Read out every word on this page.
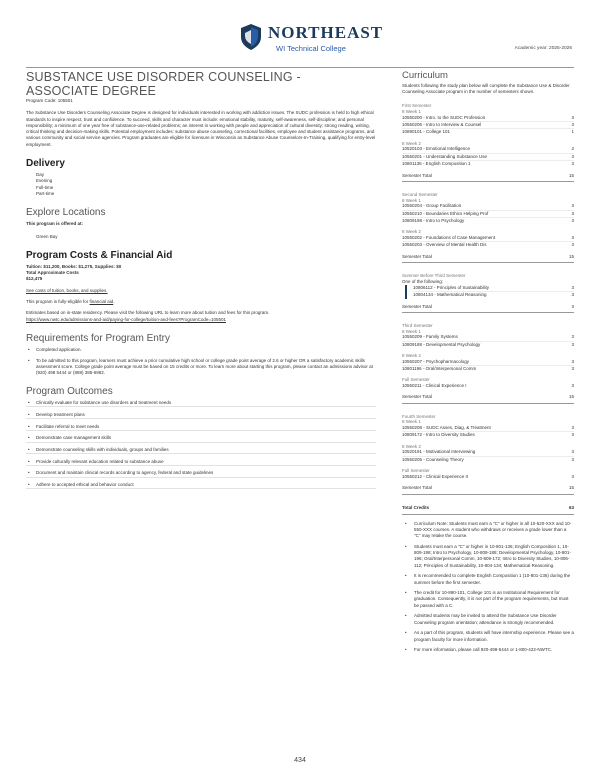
NORTHEAST
WI Technical College	Academic year: 2025-2026
SUBSTANCE USE DISORDER COUNSELING - ASSOCIATE DEGREE
Program Code: 105501
The Substance Use Disorders Counseling Associate Degree is designed for individuals interested in working with addiction issues. The SUDC profession is held to high ethical standards to inspire respect, trust and confidence. To succeed, skills and character must include: emotional stability, maturity, self-awareness, self-discipline; and personal responsibility; a minimum of one year free of substance-use-related problems; an interest in working with people and appreciation of cultural diversity; strong reading, writing, critical thinking and decision-making skills. Potential employment includes: substance abuse counseling, correctional facilities, employee and student assistance programs, and various community and social service agencies. Program graduates are eligible for licensure in Wisconsin as Substance Abuse Counselors-In-Training, qualifying for entry-level employment.
Delivery
Day
Evening
Full-time
Part-time
Explore Locations
This program is offered at:
Green Bay
Program Costs & Financial Aid
Tuition: $11,200, Books: $1,275, Supplies: $0
Total Approximate Costs
$12,475
See costs of tuition, books, and supplies.
This program is fully-eligible for financial aid.
Estimates based on in-state residency. Please visit the following URL to learn more about tuition and fees for this program.
https://www.nwtc.edu/admissions-and-aid/paying-for-college/tuition-and-fees?ProgramCode=105501
Requirements for Program Entry
• Completed application.
• To be admitted to this program, learners must achieve a prior cumulative high school or college grade point average of 2.6 or higher OR a satisfactory academic skills assessment score. College grade point average must be based on 15 credits or more. To learn more about starting this program, please contact an admissions advisor at (920) 498 5444 or (888) 385-6982.
Program Outcomes
• Clinically evaluate for substance use disorders and treatment needs
• Develop treatment plans
• Facilitate referral to meet needs
• Demonstrate case management skills
• Demonstrate counseling skills with individuals, groups and families
• Provide culturally relevant education related to substance abuse
• Document and maintain clinical records according to agency, federal and state guidelines
• Adhere to accepted ethical and behavior conduct
Curriculum
Students following the study plan below will complete the Substance Use & Disorder Counseling Associate program in the number of semesters shown.
First Semester
8 Week 1
10550200 - Intro. to the SUDC Profession	3
10550206 - Intro to Interview & Counsel	3
10890101 - College 101	1
8 Week 2
10520103 - Emotional Intelligence	2
10550201 - Understanding Substance Use	3
10801136 - English Composition 1	3
Semester Total	15
Second Semester
8 Week 1
10550204 - Group Facilitation	3
10550210 - Boundaries Ethics Helping Prof	3
10809198 - Intro to Psychology	3
8 Week 2
10550202 - Foundations of Case Management	3
10550203 - Overview of Mental Health Dis	3
Semester Total	15
Summer Before Third Semester
One of the following:
10806112 - Principles of Sustainability	3
10804134 - Mathematical Reasoning	3
Semester Total	3
Third Semester
8 Week 1
10550209 - Family Systems	3
10809188 - Developmental Psychology	3
8 Week 2
10550207 - Psychopharmacology	3
10801196 - Oral/Interpersonal Comm	3
Full Semester
10550211 - Clinical Experience I	3
Semester Total	15
Fourth Semester
8 Week 1
10550208 - SUDC Asses, Diag, & Treatment	3
10809172 - Intro to Diversity Studies	3
8 Week 2
10520191 - Motivational Interviewing	3
10550205 - Counseling Theory	3
Full Semester
10550212 - Clinical Experience II	3
Semester Total	15
Total Credits	63
• Curriculum Note: Students must earn a "C" or higher in all 10-520-XXX and 10-550-XXX courses. A student who withdraws or receives a grade lower than a "C" may retake the course.
• Students must earn a "C" or higher in 10-801-136; English Composition 1, 10-809-198; Intro to Psychology, 10-809-188; Developmental Psychology, 10-801-196; Oral/Interpersonal Comm, 10-809-172; Intro to Diversity Studies, 10-806-112; Principles of Sustainability, 10-804-134; Mathematical Reasoning.
• It is recommended to complete English Composition 1 (10-801-136) during the summer before the first semester.
• The credit for 10-890-101, College 101 is an Institutional Requirement for graduation. Consequently, it is not part of the program requirements, but must be passed with a C.
• Admitted students may be invited to attend the Substance Use Disorder Counseling program orientation; attendance is strongly recommended.
• As a part of this program, students will have internship experience. Please see a program faculty for more information.
• For more information, please call 920-498-5444 or 1-800-422-NWTC.
434
